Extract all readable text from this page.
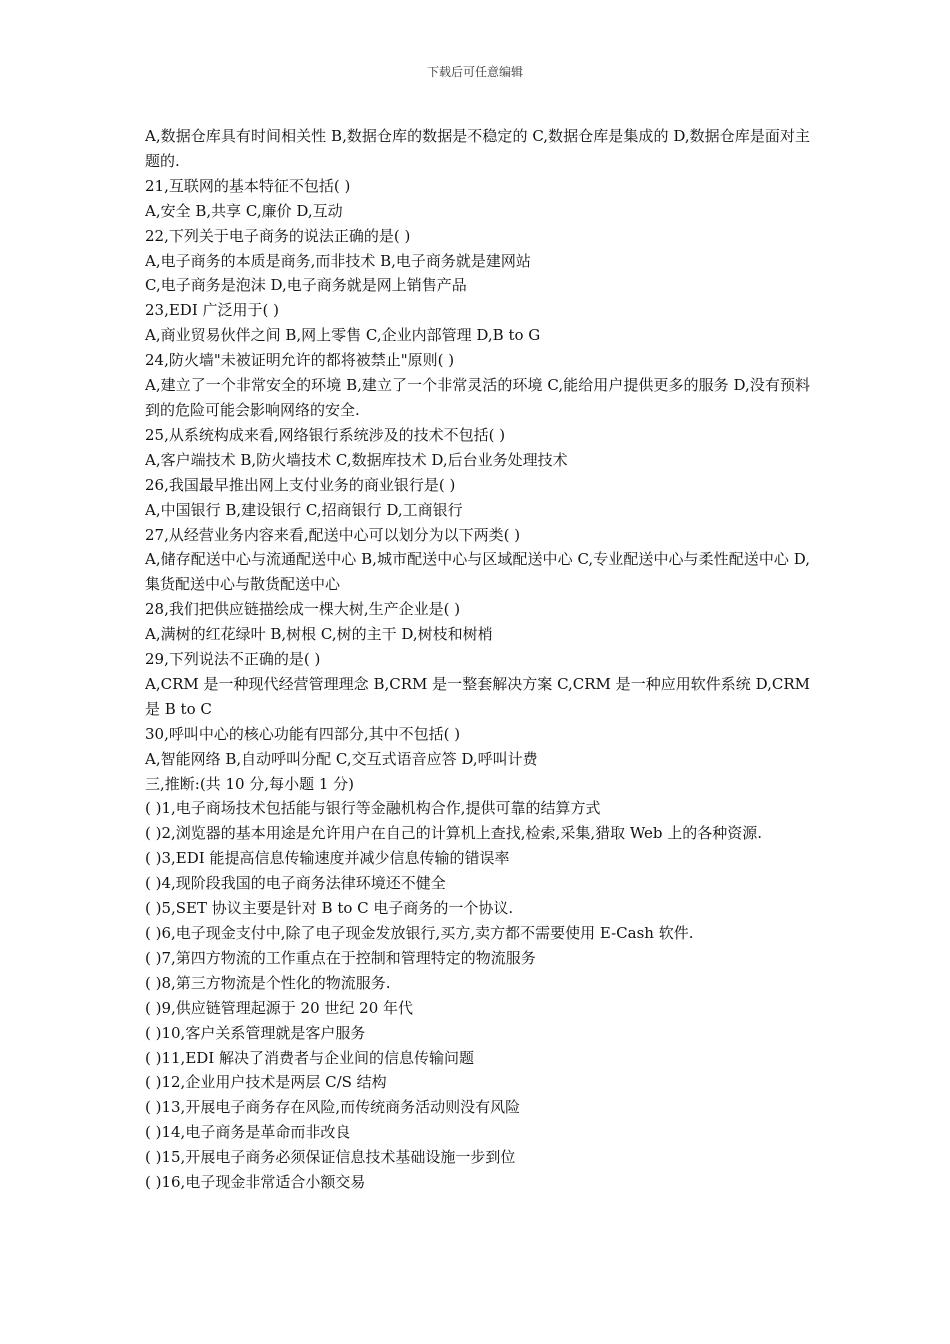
下载后可任意编辑

A,数据仓库具有时间相关性 B,数据仓库的数据是不稳定的 C,数据仓库是集成的 D,数据仓库是面对主题的.

21,互联网的基本特征不包括( )

A,安全 B,共享 C,廉价 D,互动

22,下列关于电子商务的说法正确的是( )

A,电子商务的本质是商务,而非技术 B,电子商务就是建网站

C,电子商务是泡沫 D,电子商务就是网上销售产品

23,EDI 广泛用于( )

A,商业贸易伙伴之间 B,网上零售 C,企业内部管理 D,B to G

24,防火墙"未被证明允许的都将被禁止"原则( )

A,建立了一个非常安全的环境 B,建立了一个非常灵活的环境 C,能给用户提供更多的服务 D,没有预料到的危险可能会影响网络的安全.

25,从系统构成来看,网络银行系统涉及的技术不包括( )

A,客户端技术 B,防火墙技术 C,数据库技术 D,后台业务处理技术

26,我国最早推出网上支付业务的商业银行是( )

A,中国银行 B,建设银行 C,招商银行 D,工商银行

27,从经营业务内容来看,配送中心可以划分为以下两类( )

A,储存配送中心与流通配送中心 B,城市配送中心与区域配送中心 C,专业配送中心与柔性配送中心 D,集货配送中心与散货配送中心

28,我们把供应链描绘成一棵大树,生产企业是( )

A,满树的红花绿叶 B,树根 C,树的主干 D,树枝和树梢

29,下列说法不正确的是( )

A,CRM 是一种现代经营管理理念 B,CRM 是一整套解决方案 C,CRM 是一种应用软件系统 D,CRM 是 B to C

30,呼叫中心的核心功能有四部分,其中不包括( )

A,智能网络 B,自动呼叫分配 C,交互式语音应答 D,呼叫计费

三,推断:(共 10 分,每小题 1 分)

( )1,电子商场技术包括能与银行等金融机构合作,提供可靠的结算方式

( )2,浏览器的基本用途是允许用户在自己的计算机上查找,检索,采集,猎取 Web 上的各种资源.

( )3,EDI 能提高信息传输速度并减少信息传输的错误率

( )4,现阶段我国的电子商务法律环境还不健全

( )5,SET 协议主要是针对 B to C 电子商务的一个协议.

( )6,电子现金支付中,除了电子现金发放银行,买方,卖方都不需要使用 E-Cash 软件.

( )7,第四方物流的工作重点在于控制和管理特定的物流服务

( )8,第三方物流是个性化的物流服务.

( )9,供应链管理起源于 20 世纪 20 年代

( )10,客户关系管理就是客户服务

( )11,EDI 解决了消费者与企业间的信息传输问题

( )12,企业用户技术是两层 C/S 结构

( )13,开展电子商务存在风险,而传统商务活动则没有风险

( )14,电子商务是革命而非改良

( )15,开展电子商务必须保证信息技术基础设施一步到位

( )16,电子现金非常适合小额交易
